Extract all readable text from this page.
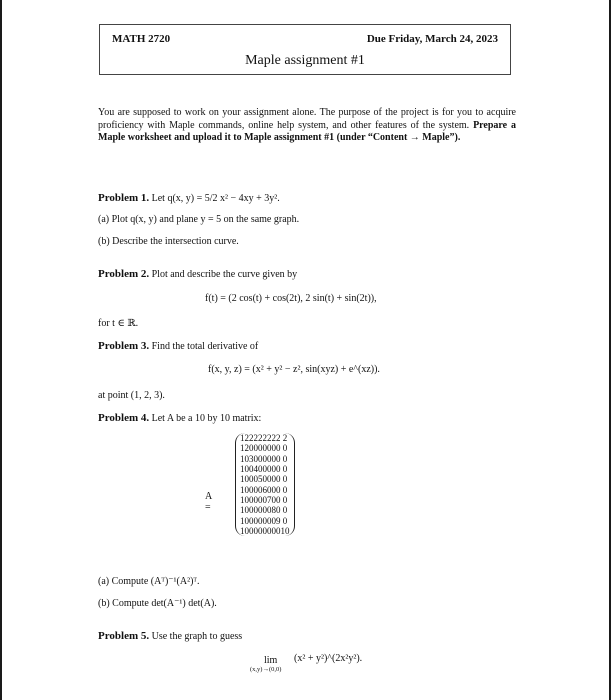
MATH 2720	Due Friday, March 24, 2023
Maple assignment #1
You are supposed to work on your assignment alone. The purpose of the project is for you to acquire proficiency with Maple commands, online help system, and other features of the system. Prepare a Maple worksheet and upload it to Maple assignment #1 (under “Content → Maple”).
Problem 1. Let q(x, y) = 5/2 x² − 4xy + 3y².
(a) Plot q(x, y) and plane y = 5 on the same graph.
(b) Describe the intersection curve.
Problem 2. Plot and describe the curve given by
f(t) = (2 cos(t) + cos(2t), 2 sin(t) + sin(2t)),
for t ∈ ℝ.
Problem 3. Find the total derivative of
f(x, y, z) = (x² + y² − z², sin(xyz) + e^(xz)).
at point (1, 2, 3).
Problem 4. Let A be a 10 by 10 matrix:
A =
1	2	2	2	2	2	2	2	2	2
1	2	0	0	0	0	0	0	0	0
1	0	3	0	0	0	0	0	0	0
1	0	0	4	0	0	0	0	0	0
1	0	0	0	5	0	0	0	0	0
1	0	0	0	0	6	0	0	0	0
1	0	0	0	0	0	7	0	0	0
1	0	0	0	0	0	0	8	0	0
1	0	0	0	0	0	0	0	9	0
1	0	0	0	0	0	0	0	0	10
(a) Compute (Aᵀ)⁻¹(A²)ᵀ.
(b) Compute det(A⁻¹) det(A).
Problem 5. Use the graph to guess
lim
(x,y)→(0,0)
(x² + y²)^(2x²y²).
